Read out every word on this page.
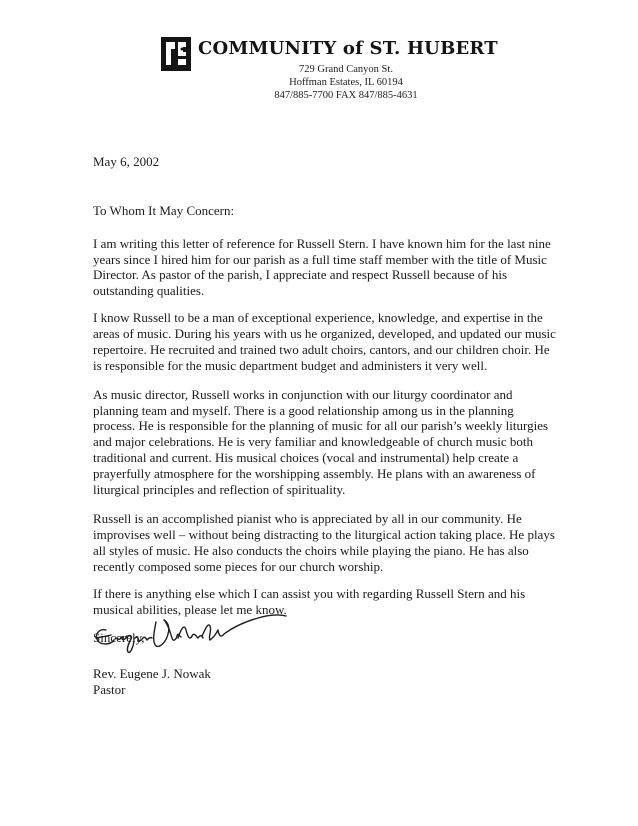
COMMUNITY of ST. HUBERT
729 Grand Canyon St.
Hoffman Estates, IL 60194
847/885-7700 FAX 847/885-4631
May 6, 2002
To Whom It May Concern:
I am writing this letter of reference for Russell Stern. I have known him for the last nine
years since I hired him for our parish as a full time staff member with the title of Music
Director. As pastor of the parish, I appreciate and respect Russell because of his
outstanding qualities.
I know Russell to be a man of exceptional experience, knowledge, and expertise in the
areas of music. During his years with us he organized, developed, and updated our music
repertoire. He recruited and trained two adult choirs, cantors, and our children choir. He
is responsible for the music department budget and administers it very well.
As music director, Russell works in conjunction with our liturgy coordinator and
planning team and myself. There is a good relationship among us in the planning
process. He is responsible for the planning of music for all our parish’s weekly liturgies
and major celebrations. He is very familiar and knowledgeable of church music both
traditional and current. His musical choices (vocal and instrumental) help create a
prayerfully atmosphere for the worshipping assembly. He plans with an awareness of
liturgical principles and reflection of spirituality.
Russell is an accomplished pianist who is appreciated by all in our community. He
improvises well – without being distracting to the liturgical action taking place. He plays
all styles of music. He also conducts the choirs while playing the piano. He has also
recently composed some pieces for our church worship.
If there is anything else which I can assist you with regarding Russell Stern and his
musical abilities, please let me know.
Sincerely,
Rev. Eugene J. Nowak
Pastor
